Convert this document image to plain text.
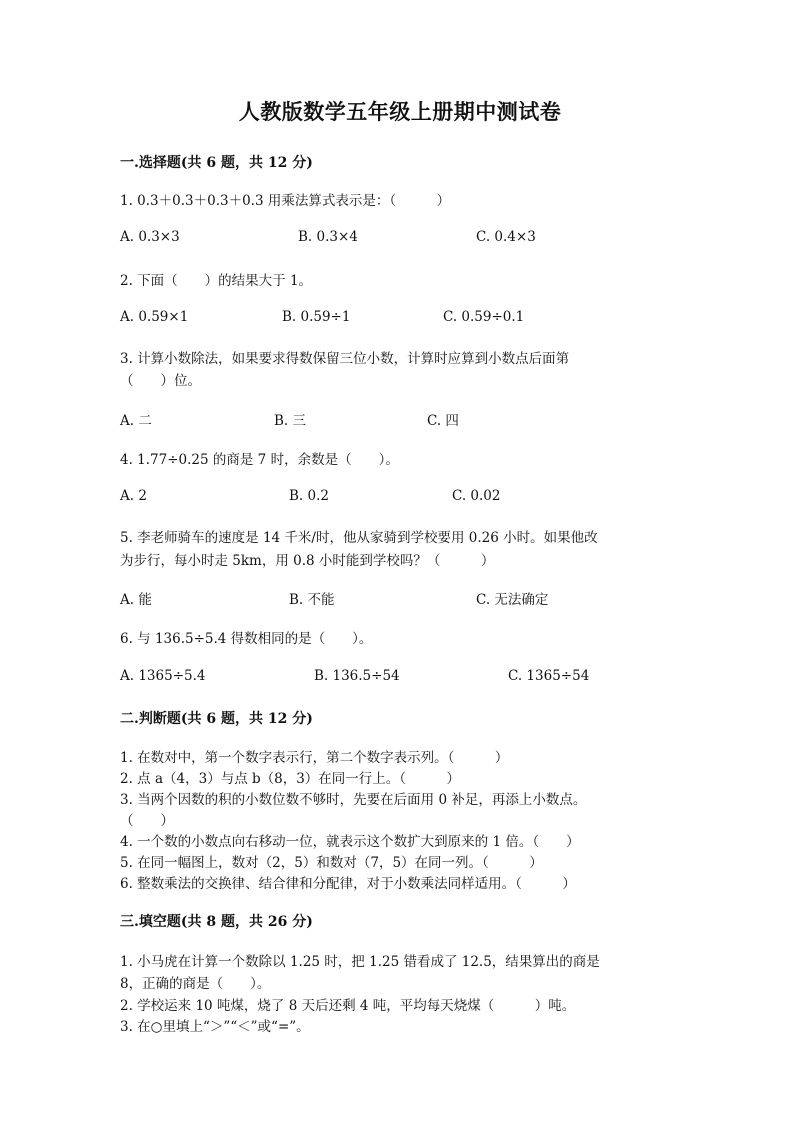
人教版数学五年级上册期中测试卷
一.选择题(共 6 题，共 12 分)
1. 0.3＋0.3＋0.3＋0.3 用乘法算式表示是：（　　　）
A. 0.3×3	B. 0.3×4	C. 0.4×3
2. 下面（　　）的结果大于 1。
A. 0.59×1	B. 0.59÷1	C. 0.59÷0.1
3. 计算小数除法，如果要求得数保留三位小数，计算时应算到小数点后面第
（　　）位。
A. 二	B. 三	C. 四
4. 1.77÷0.25 的商是 7 时，余数是（　　）。
A. 2	B. 0.2	C. 0.02
5. 李老师骑车的速度是 14 千米/时，他从家骑到学校要用 0.26 小时。如果他改
为步行，每小时走 5km，用 0.8 小时能到学校吗？（　　　）
A. 能	B. 不能	C. 无法确定
6. 与 136.5÷5.4 得数相同的是（　　）。
A. 1365÷5.4	B. 136.5÷54	C. 1365÷54
二.判断题(共 6 题，共 12 分)
1. 在数对中，第一个数字表示行，第二个数字表示列。（　　　）
2. 点 a（4，3）与点 b（8，3）在同一行上。（　　　）
3. 当两个因数的积的小数位数不够时，先要在后面用 0 补足，再添上小数点。
（　　）
4. 一个数的小数点向右移动一位，就表示这个数扩大到原来的 1 倍。（　　）
5. 在同一幅图上，数对（2，5）和数对（7，5）在同一列。（　　　）
6. 整数乘法的交换律、结合律和分配律，对于小数乘法同样适用。（　　　）
三.填空题(共 8 题，共 26 分)
1. 小马虎在计算一个数除以 1.25 时，把 1.25 错看成了 12.5，结果算出的商是
8，正确的商是（　　）。
2. 学校运来 10 吨煤，烧了 8 天后还剩 4 吨，平均每天烧煤（　　　）吨。
3. 在○里填上“＞”“＜”或“=”。
